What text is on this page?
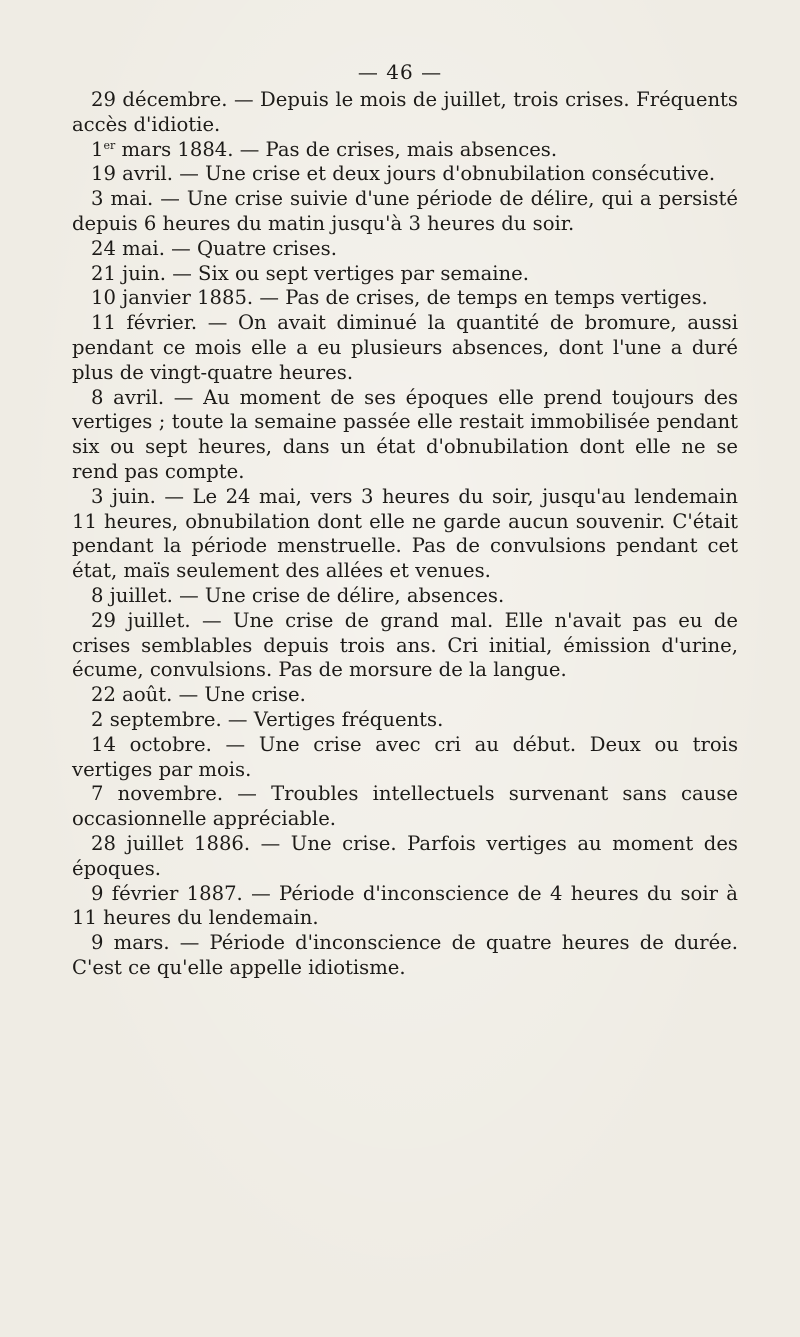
— 46 —

29 décembre. — Depuis le mois de juillet, trois crises. Fréquents accès d'idiotie.

1er mars 1884. — Pas de crises, mais absences.

19 avril. — Une crise et deux jours d'obnubilation consécutive.

3 mai. — Une crise suivie d'une période de délire, qui a persisté depuis 6 heures du matin jusqu'à 3 heures du soir.

24 mai. — Quatre crises.

21 juin. — Six ou sept vertiges par semaine.

10 janvier 1885. — Pas de crises, de temps en temps vertiges.

11 février. — On avait diminué la quantité de bromure, aussi pendant ce mois elle a eu plusieurs absences, dont l'une a duré plus de vingt-quatre heures.

8 avril. — Au moment de ses époques elle prend toujours des vertiges ; toute la semaine passée elle restait immobilisée pendant six ou sept heures, dans un état d'obnubilation dont elle ne se rend pas compte.

3 juin. — Le 24 mai, vers 3 heures du soir, jusqu'au lendemain 11 heures, obnubilation dont elle ne garde aucun souvenir. C'était pendant la période menstruelle. Pas de convulsions pendant cet état, maïs seulement des allées et venues.

8 juillet. — Une crise de délire, absences.

29 juillet. — Une crise de grand mal. Elle n'avait pas eu de crises semblables depuis trois ans. Cri initial, émission d'urine, écume, convulsions. Pas de morsure de la langue.

22 août. — Une crise.

2 septembre. — Vertiges fréquents.

14 octobre. — Une crise avec cri au début. Deux ou trois vertiges par mois.

7 novembre. — Troubles intellectuels survenant sans cause occasionnelle appréciable.

28 juillet 1886. — Une crise. Parfois vertiges au moment des époques.

9 février 1887. — Période d'inconscience de 4 heures du soir à 11 heures du lendemain.

9 mars. — Période d'inconscience de quatre heures de durée. C'est ce qu'elle appelle idiotisme.
